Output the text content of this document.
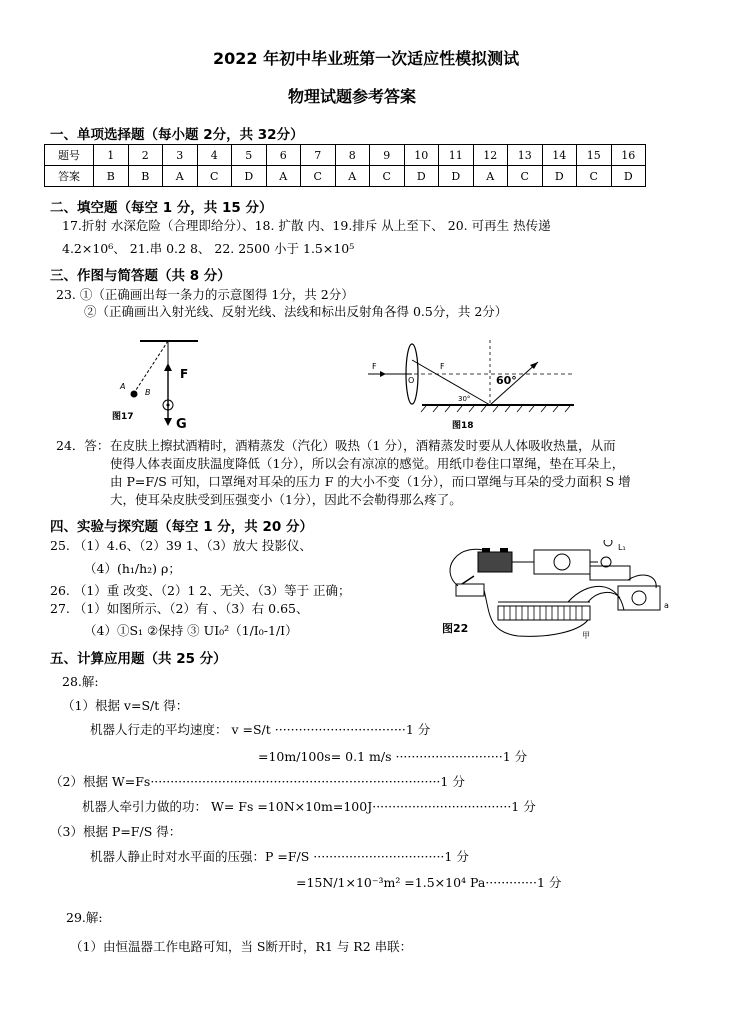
2022 年初中毕业班第一次适应性模拟测试
物理试题参考答案
一、单项选择题（每小题 2分，共 32分）
题号	1	2	3	4	5	6	7	8	9	10	11	12	13	14	15	16
答案	B	B	A	C	D	A	C	A	C	D	D	A	C	D	C	D
二、填空题（每空 1 分，共 15 分）
17.折射 水深危险（合理即给分）、18. 扩散 内、19.排斥 从上至下、 20. 可再生 热传递
4.2×10⁶、 21.串 0.2 8、 22. 2500 小于 1.5×10⁵
三、作图与简答题（共 8 分）
23. ①（正确画出每一条力的示意图得 1分，共 2分）
②（正确画出入射光线、反射光线、法线和标出反射角各得 0.5分，共 2分）
F
A
B
图17	G
F	F
O	60°
30°
图18
24．答： 在皮肤上擦拭酒精时，酒精蒸发（汽化）吸热（1 分），酒精蒸发时要从人体吸收热量，从而
使得人体表面皮肤温度降低（1分），所以会有凉凉的感觉。用纸巾卷住口罩绳，垫在耳朵上，
由 P=F/S 可知，口罩绳对耳朵的压力 F 的大小不变（1分），而口罩绳与耳朵的受力面积 S 增
大，使耳朵皮肤受到压强变小（1分），因此不会勒得那么疼了。
四、实验与探究题（每空 1 分，共 20 分）
25. （1）4.6、（2）39 1、（3）放大 投影仪、
（4）(h₁/h₂) ρ；
26. （1）重 改变、（2）1 2、无关、（3）等于 正确；
27. （1）如图所示、（2）有 、（3）右 0.65、
（4）①S₁ ②保持 ③ UI₀²（1/I₀-1/I）
L₁
a
甲
图22
五、计算应用题（共 25 分）
28.解:
（1）根据 v=S/t 得：
机器人行走的平均速度： v =S/t ·································1 分
=10m/100s= 0.1 m/s ···························1 分
（2）根据 W=Fs·········································································1 分
机器人牵引力做的功： W= Fs =10N×10m=100J···································1 分
（3）根据 P=F/S 得：
机器人静止时对水平面的压强：P =F/S ·································1 分
=15N/1×10⁻³m² =1.5×10⁴ Pa·············1 分
29.解:
（1）由恒温器工作电路可知，当 S断开时，R1 与 R2 串联：
